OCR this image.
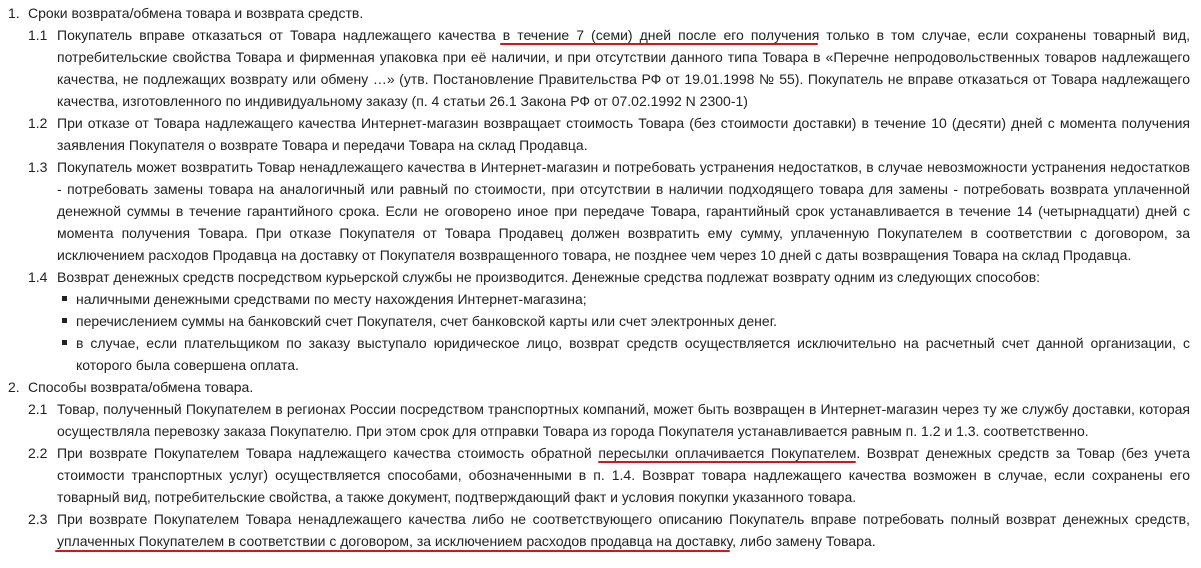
1. Сроки возврата/обмена товара и возврата средств.
1.1 Покупатель вправе отказаться от Товара надлежащего качества в течение 7 (семи) дней после его получения только в том случае, если сохранены товарный вид,
потребительские свойства Товара и фирменная упаковка при её наличии, и при отсутствии данного типа Товара в «Перечне непродовольственных товаров надлежащего
качества, не подлежащих возврату или обмену …» (утв. Постановление Правительства РФ от 19.01.1998 № 55). Покупатель не вправе отказаться от Товара надлежащего
качества, изготовленного по индивидуальному заказу (п. 4 статьи 26.1 Закона РФ от 07.02.1992 N 2300-1)
1.2 При отказе от Товара надлежащего качества Интернет-магазин возвращает стоимость Товара (без стоимости доставки) в течение 10 (десяти) дней с момента получения
заявления Покупателя о возврате Товара и передачи Товара на склад Продавца.
1.3 Покупатель может возвратить Товар ненадлежащего качества в Интернет-магазин и потребовать устранения недостатков, в случае невозможности устранения недостатков
- потребовать замены товара на аналогичный или равный по стоимости, при отсутствии в наличии подходящего товара для замены - потребовать возврата уплаченной
денежной суммы в течение гарантийного срока. Если не оговорено иное при передаче Товара, гарантийный срок устанавливается в течение 14 (четырнадцати) дней с
момента получения Товара. При отказе Покупателя от Товара Продавец должен возвратить ему сумму, уплаченную Покупателем в соответствии с договором, за
исключением расходов Продавца на доставку от Покупателя возвращенного товара, не позднее чем через 10 дней с даты возвращения Товара на склад Продавца.
1.4 Возврат денежных средств посредством курьерской службы не производится. Денежные средства подлежат возврату одним из следующих способов:
наличными денежными средствами по месту нахождения Интернет-магазина;
перечислением суммы на банковский счет Покупателя, счет банковской карты или счет электронных денег.
в случае, если плательщиком по заказу выступало юридическое лицо, возврат средств осуществляется исключительно на расчетный счет данной организации, с
которого была совершена оплата.
2. Способы возврата/обмена товара.
2.1 Товар, полученный Покупателем в регионах России посредством транспортных компаний, может быть возвращен в Интернет-магазин через ту же службу доставки, которая
осуществляла перевозку заказа Покупателю. При этом срок для отправки Товара из города Покупателя устанавливается равным п. 1.2 и 1.3. соответственно.
2.2 При возврате Покупателем Товара надлежащего качества стоимость обратной пересылки оплачивается Покупателем. Возврат денежных средств за Товар (без учета
стоимости транспортных услуг) осуществляется способами, обозначенными в п. 1.4. Возврат товара надлежащего качества возможен в случае, если сохранены его
товарный вид, потребительские свойства, а также документ, подтверждающий факт и условия покупки указанного товара.
2.3 При возврате Покупателем Товара ненадлежащего качества либо не соответствующего описанию Покупатель вправе потребовать полный возврат денежных средств,
уплаченных Покупателем в соответствии с договором, за исключением расходов продавца на доставку, либо замену Товара.
